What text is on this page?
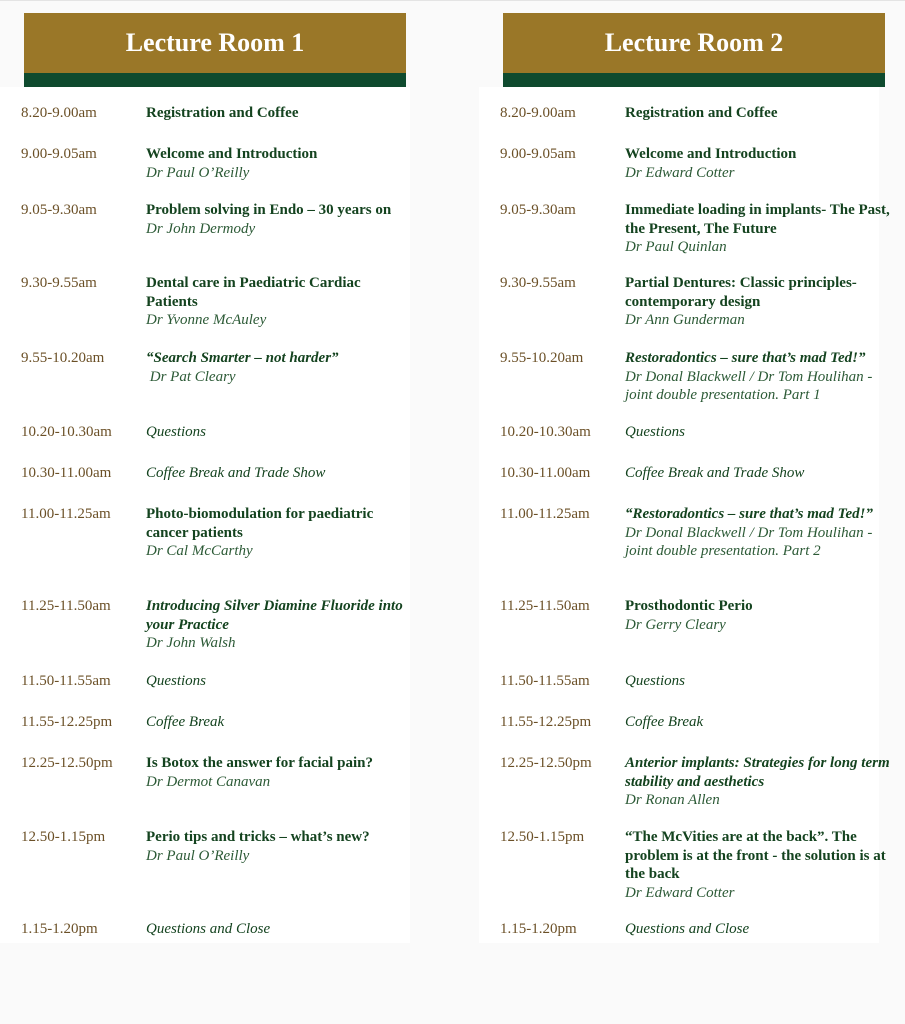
Lecture Room 1
8.20-9.00am	Registration and Coffee
9.00-9.05am	Welcome and Introduction
Dr Paul O’Reilly
9.05-9.30am	Problem solving in Endo – 30 years on
Dr John Dermody
9.30-9.55am	Dental care in Paediatric Cardiac Patients
Dr Yvonne McAuley
9.55-10.20am	“Search Smarter – not harder”
Dr Pat Cleary
10.20-10.30am Questions
10.30-11.00am Coffee Break and Trade Show
11.00-11.25am Photo-biomodulation for paediatric cancer patients
Dr Cal McCarthy
11.25-11.50am Introducing Silver Diamine Fluoride into your Practice
Dr John Walsh
11.50-11.55am Questions
11.55-12.25pm Coffee Break
12.25-12.50pm Is Botox the answer for facial pain?
Dr Dermot Canavan
12.50-1.15pm	Perio tips and tricks – what’s new?
Dr Paul O’Reilly
1.15-1.20pm	Questions and Close
Lecture Room 2
8.20-9.00am	Registration and Coffee
9.00-9.05am	Welcome and Introduction
Dr Edward Cotter
9.05-9.30am	Immediate loading in implants- The Past, the Present, The Future
Dr Paul Quinlan
9.30-9.55am	Partial Dentures: Classic principles- contemporary design
Dr Ann Gunderman
9.55-10.20am	Restoradontics – sure that’s mad Ted!”
Dr Donal Blackwell / Dr Tom Houlihan - joint double presentation. Part 1
10.20-10.30am Questions
10.30-11.00am Coffee Break and Trade Show
11.00-11.25am “Restoradontics – sure that’s mad Ted!”
Dr Donal Blackwell / Dr Tom Houlihan - joint double presentation. Part 2
11.25-11.50am Prosthodontic Perio
Dr Gerry Cleary
11.50-11.55am Questions
11.55-12.25pm Coffee Break
12.25-12.50pm Anterior implants: Strategies for long term stability and aesthetics
Dr Ronan Allen
12.50-1.15pm	“The McVities are at the back”. The problem is at the front - the solution is at the back
Dr Edward Cotter
1.15-1.20pm	Questions and Close
